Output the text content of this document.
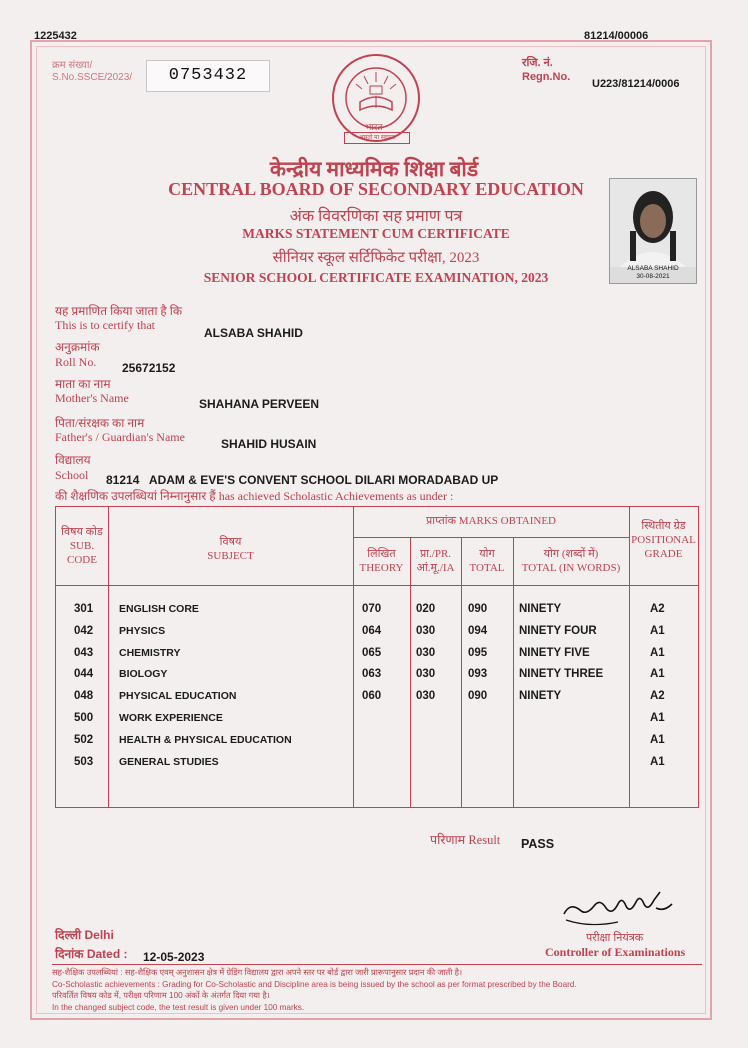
1225432	81214/00006
क्रम संख्या/
S.No.SSCE/2023/	0753432
रजि. नं.
Regn.No.
U223/81214/0006
भारत
असतो मा सद्गमय
केन्द्रीय माध्यमिक शिक्षा बोर्ड
CENTRAL BOARD OF SECONDARY EDUCATION
अंक विवरणिका सह प्रमाण पत्र
MARKS STATEMENT CUM CERTIFICATE
सीनियर स्कूल सर्टिफिकेट परीक्षा, 2023
SENIOR SCHOOL CERTIFICATE EXAMINATION, 2023
ALSABA SHAHID
30-08-2021
यह प्रमाणित किया जाता है कि
This is to certify that
ALSABA SHAHID
अनुक्रमांक
Roll No. 25672152
माता का नाम
Mother's Name	SHAHANA PERVEEN
पिता/संरक्षक का नाम
Father's / Guardian's Name	SHAHID HUSAIN
विद्यालय
School 81214   ADAM & EVE'S CONVENT SCHOOL DILARI MORADABAD UP
की शैक्षणिक उपलब्धियां निम्नानुसार हैं has achieved Scholastic Achievements as under :
विषय कोड
SUB.
CODE
विषय
SUBJECT
प्राप्तांक MARKS OBTAINED
लिखित
THEORY
प्रा./PR.
आं.मू./IA
योग
TOTAL
योग (शब्दों में)
TOTAL (IN WORDS)
स्थितीय ग्रेड
POSITIONAL
GRADE
301 ENGLISH CORE	070	020	090	NINETY	A2
042 PHYSICS	064	030	094	NINETY FOUR	A1
043 CHEMISTRY	065	030	095	NINETY FIVE	A1
044 BIOLOGY	063	030	093	NINETY THREE	A1
048 PHYSICAL EDUCATION	060	030	090	NINETY	A2
500 WORK EXPERIENCE	A1
502 HEALTH & PHYSICAL EDUCATION	A1
503 GENERAL STUDIES	A1
परिणाम Result PASS
दिल्ली Delhi
दिनांक Dated : 12-05-2023
परीक्षा नियंत्रक
Controller of Examinations
सह-शैक्षिक उपलब्धियां : सह-शैक्षिक एवम् अनुशासन क्षेत्र में ग्रेडिंग विद्यालय द्वारा अपने स्तर पर बोर्ड द्वारा जारी प्रारूपानुसार प्रदान की जाती है।
Co-Scholastic achievements : Grading for Co-Scholastic and Discipline area is being issued by the school as per format prescribed by the Board.
परिवर्तित विषय कोड में, परीक्षा परिणाम 100 अंकों के अंतर्गत दिया गया है।
In the changed subject code, the test result is given under 100 marks.
